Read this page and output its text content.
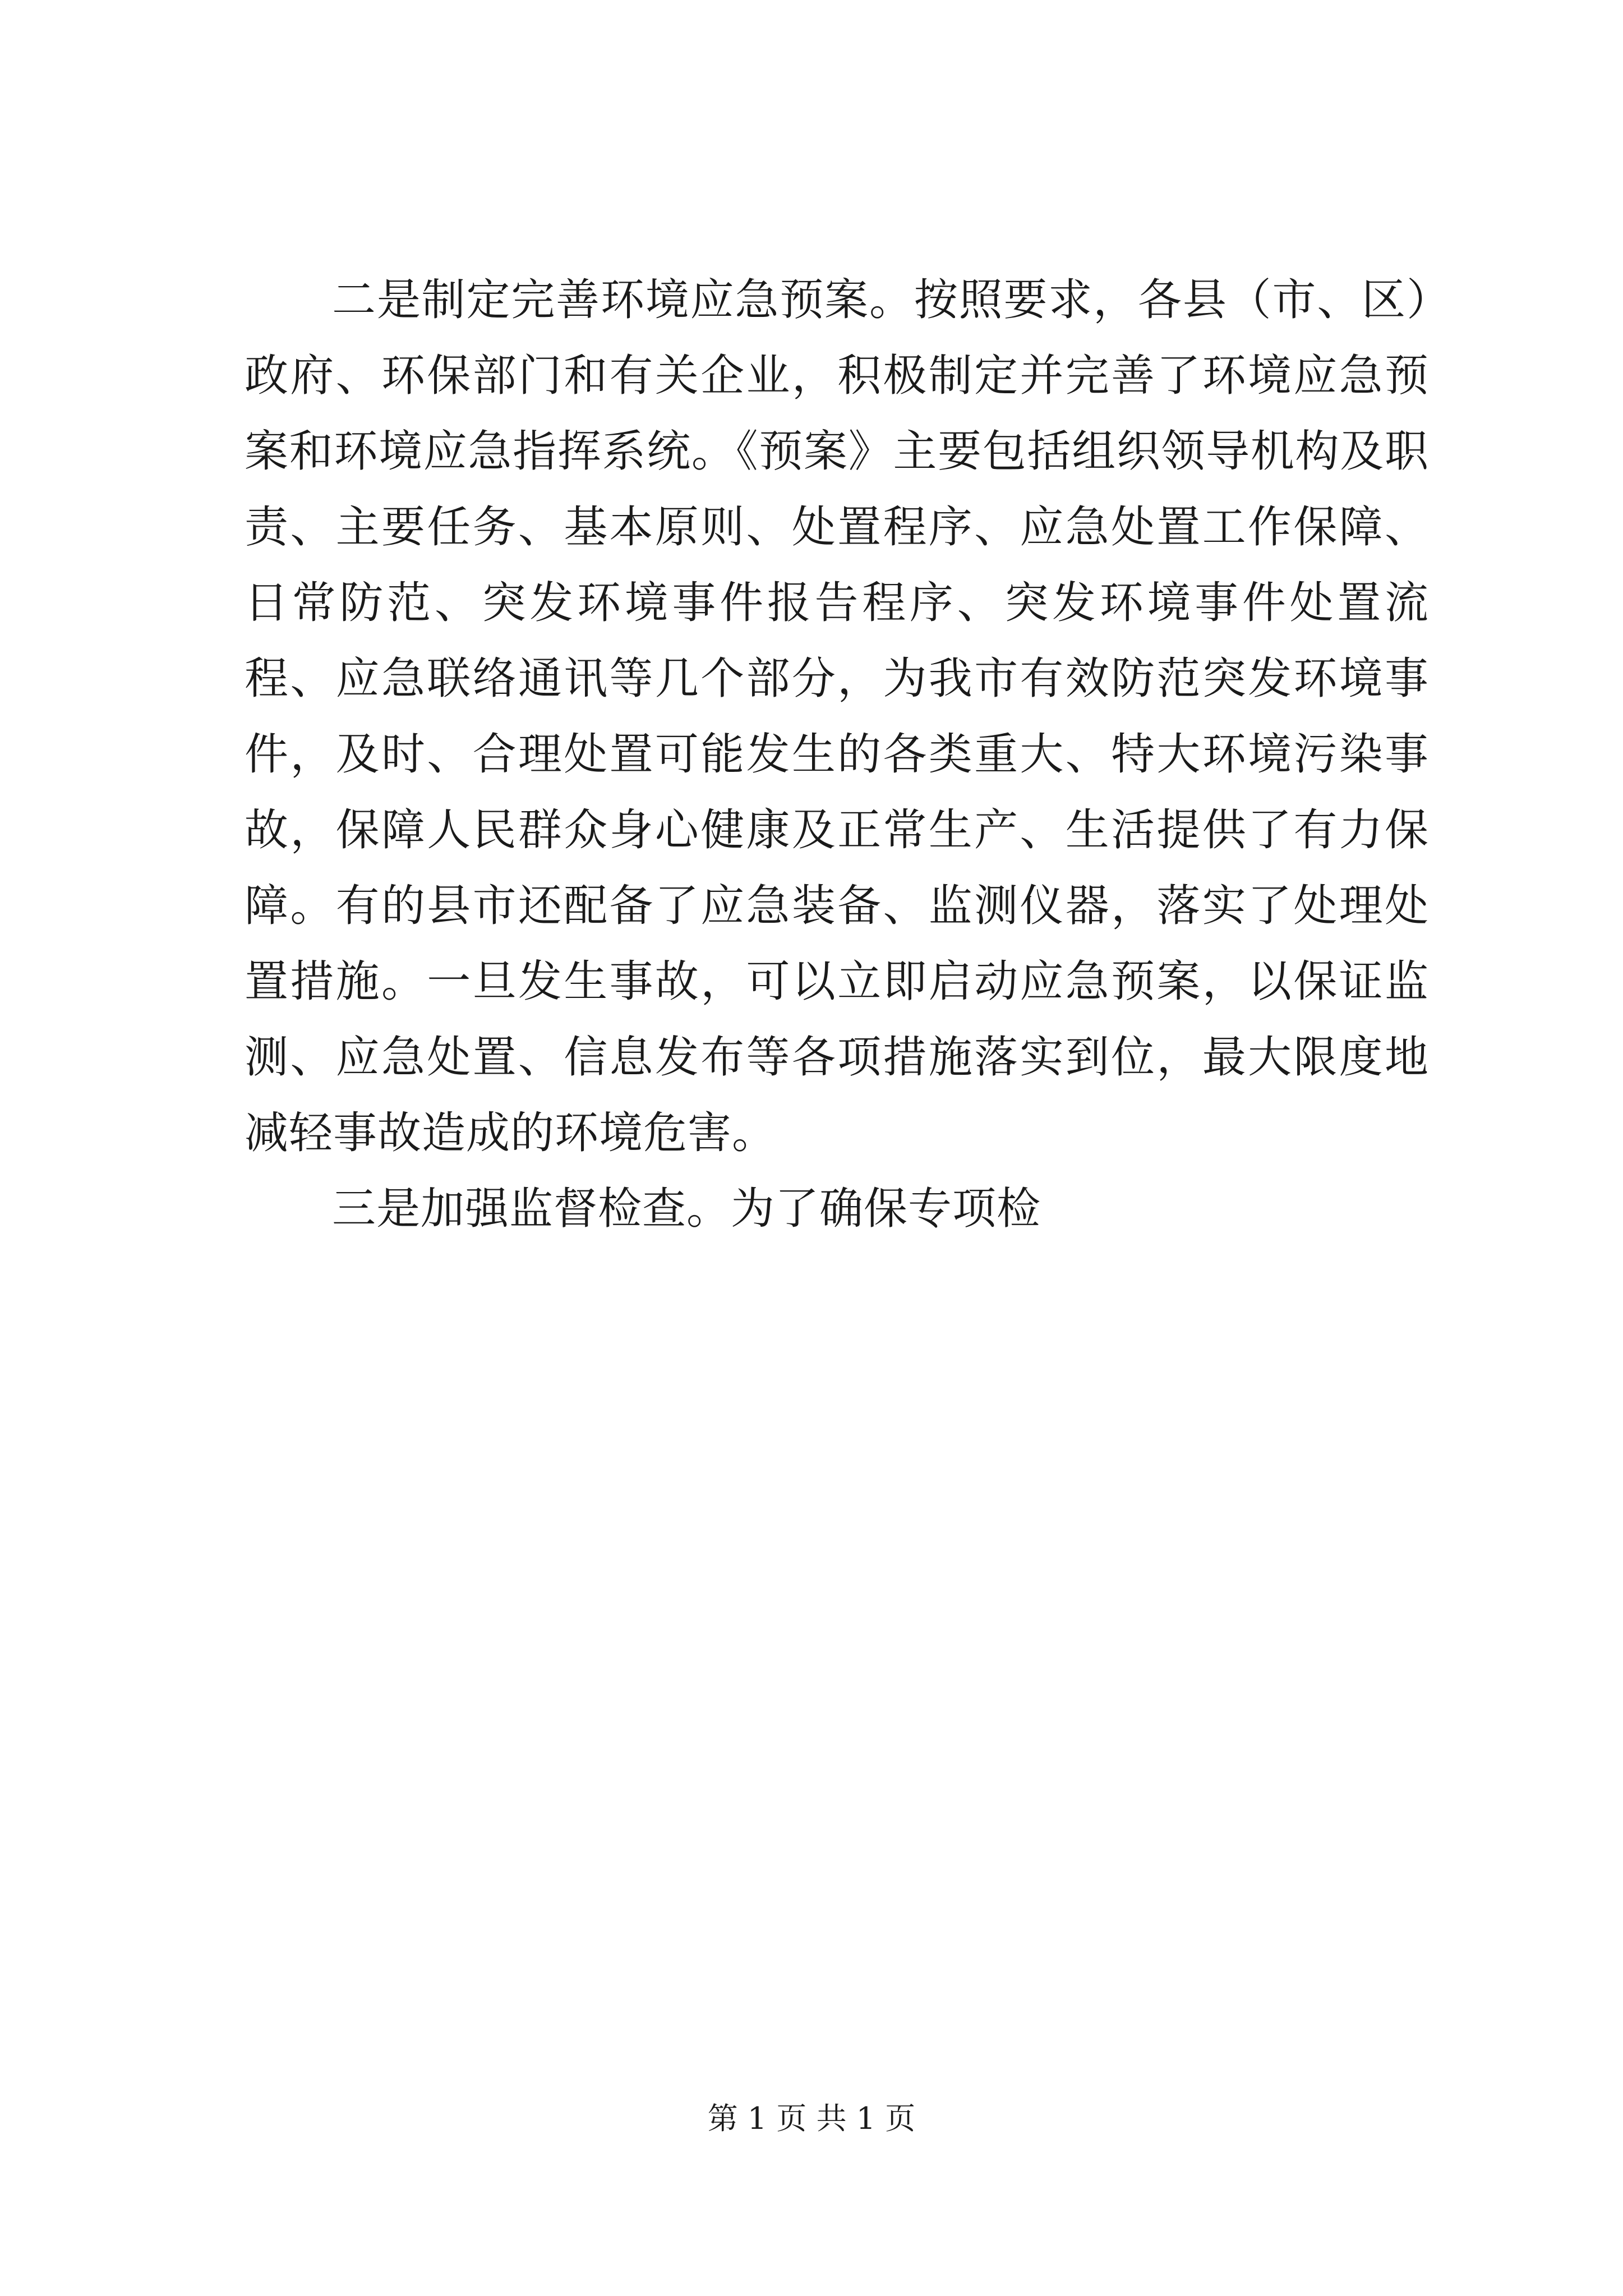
二是制定完善环境应急预案。按照要求，各县（市、区）政府、环保部门和有关企业，积极制定并完善了环境应急预案和环境应急指挥系统。《预案》主要包括组织领导机构及职责、主要任务、基本原则、处置程序、应急处置工作保障、日常防范、突发环境事件报告程序、突发环境事件处置流程、应急联络通讯等几个部分，为我市有效防范突发环境事件，及时、合理处置可能发生的各类重大、特大环境污染事故，保障人民群众身心健康及正常生产、生活提供了有力保障。有的县市还配备了应急装备、监测仪器，落实了处理处置措施。一旦发生事故，可以立即启动应急预案，以保证监测、应急处置、信息发布等各项措施落实到位，最大限度地减轻事故造成的环境危害。

三是加强监督检查。为了确保专项检

第 1 页 共 1 页
